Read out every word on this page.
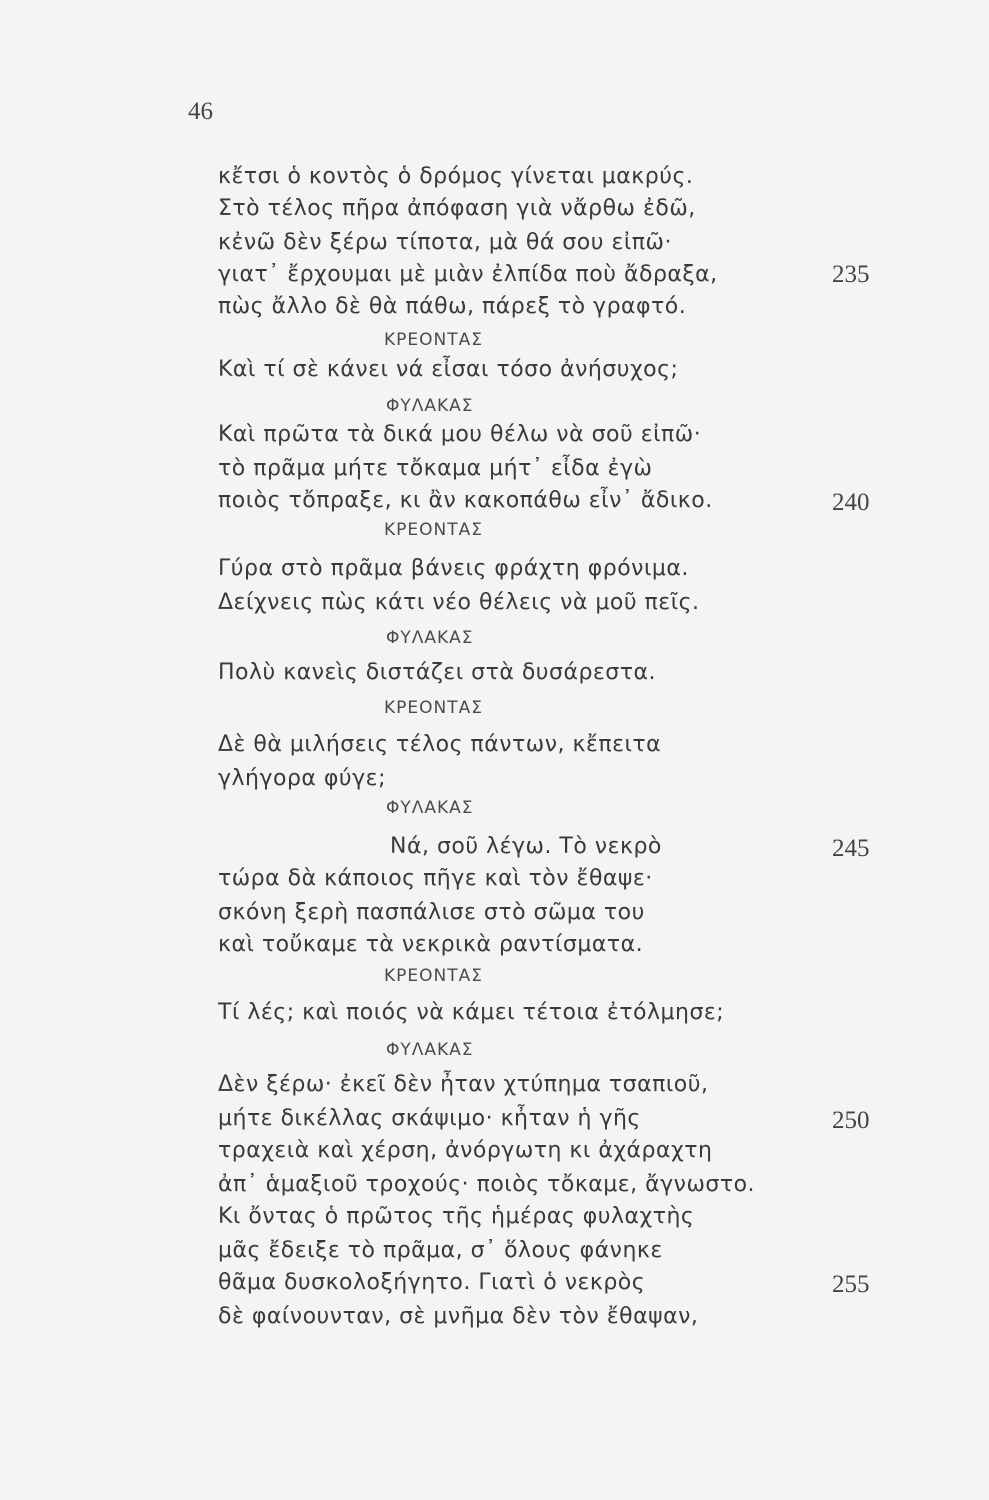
46
κἔτσι ὁ κοντὸς ὁ δρόμος γίνεται μακρύς.
Στὸ τέλος πῆρα ἀπόφαση γιὰ νἄρθω ἐδῶ,
κἐνῶ δὲν ξέρω τίποτα, μὰ θά σου εἰπῶ·
γιατ᾽ ἔρχουμαι μὲ μιὰν ἐλπίδα ποὺ ἄδραξα,	235
πὼς ἄλλο δὲ θὰ πάθω, πάρεξ τὸ γραφτό.
ΚΡΕΟΝΤΑΣ
Καὶ τί σὲ κάνει νά εἶσαι τόσο ἀνήσυχος;
ΦΥΛΑΚΑΣ
Καὶ πρῶτα τὰ δικά μου θέλω νὰ σοῦ εἰπῶ·
τὸ πρᾶμα μήτε τὄκαμα μήτ᾽ εἶδα ἐγὼ
ποιὸς τὄπραξε, κι ἂν κακοπάθω εἶν᾽ ἄδικο.	240
ΚΡΕΟΝΤΑΣ
Γύρα στὸ πρᾶμα βάνεις φράχτη φρόνιμα.
Δείχνεις πὼς κάτι νέο θέλεις νὰ μοῦ πεῖς.
ΦΥΛΑΚΑΣ
Πολὺ κανεὶς διστάζει στὰ δυσάρεστα.
ΚΡΕΟΝΤΑΣ
Δὲ θὰ μιλήσεις τέλος πάντων, κἔπειτα
γλήγορα φύγε;
ΦΥΛΑΚΑΣ
Νά, σοῦ λέγω. Τὸ νεκρὸ	245
τώρα δὰ κάποιος πῆγε καὶ τὸν ἔθαψε·
σκόνη ξερὴ πασπάλισε στὸ σῶμα του
καὶ τοὔκαμε τὰ νεκρικὰ ραντίσματα.
ΚΡΕΟΝΤΑΣ
Τί λές; καὶ ποιός νὰ κάμει τέτοια ἐτόλμησε;
ΦΥΛΑΚΑΣ
Δὲν ξέρω· ἐκεῖ δὲν ἦταν χτύπημα τσαπιοῦ,
μήτε δικέλλας σκάψιμο· κἦταν ἡ γῆς	250
τραχειὰ καὶ χέρση, ἀνόργωτη κι ἀχάραχτη
ἀπ᾽ ἁμαξιοῦ τροχούς· ποιὸς τὄκαμε, ἄγνωστο.
Κι ὄντας ὁ πρῶτος τῆς ἡμέρας φυλαχτὴς
μᾶς ἔδειξε τὸ πρᾶμα, σ᾽ ὅλους φάνηκε
θᾶμα δυσκολοξήγητο. Γιατὶ ὁ νεκρὸς	255
δὲ φαίνουνταν, σὲ μνῆμα δὲν τὸν ἔθαψαν,
